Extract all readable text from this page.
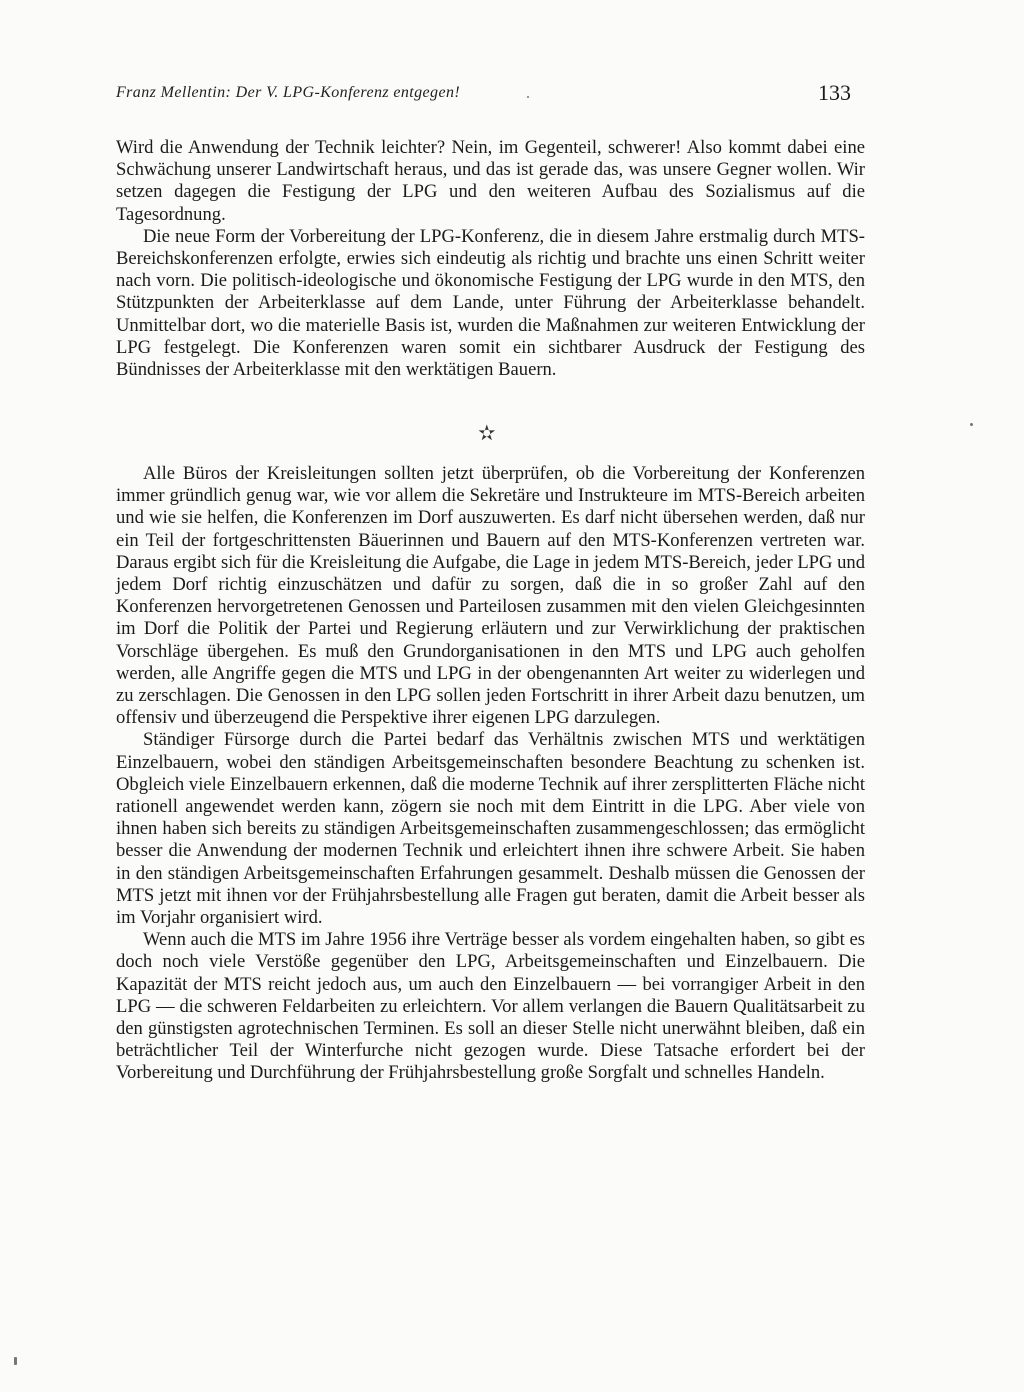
Franz Mellentin: Der V. LPG-Konferenz entgegen!	133

Wird die Anwendung der Technik leichter? Nein, im Gegenteil, schwerer! Also kommt dabei eine Schwächung unserer Landwirtschaft heraus, und das ist gerade das, was unsere Gegner wollen. Wir setzen dagegen die Festigung der LPG und den weiteren Aufbau des Sozialismus auf die Tagesordnung.

Die neue Form der Vorbereitung der LPG-Konferenz, die in diesem Jahre erstmalig durch MTS-Bereichskonferenzen erfolgte, erwies sich eindeutig als richtig und brachte uns einen Schritt weiter nach vorn. Die politisch-ideologische und ökonomische Festigung der LPG wurde in den MTS, den Stützpunkten der Arbeiterklasse auf dem Lande, unter Führung der Arbeiterklasse behandelt. Unmittelbar dort, wo die materielle Basis ist, wurden die Maßnahmen zur weiteren Entwicklung der LPG festgelegt. Die Konferenzen waren somit ein sichtbarer Ausdruck der Festigung des Bündnisses der Arbeiterklasse mit den werktätigen Bauern.

✫

Alle Büros der Kreisleitungen sollten jetzt überprüfen, ob die Vorbereitung der Konferenzen immer gründlich genug war, wie vor allem die Sekretäre und Instrukteure im MTS-Bereich arbeiten und wie sie helfen, die Konferenzen im Dorf auszuwerten. Es darf nicht übersehen werden, daß nur ein Teil der fortgeschrittensten Bäuerinnen und Bauern auf den MTS-Konferenzen vertreten war. Daraus ergibt sich für die Kreisleitung die Aufgabe, die Lage in jedem MTS-Bereich, jeder LPG und jedem Dorf richtig einzuschätzen und dafür zu sorgen, daß die in so großer Zahl auf den Konferenzen hervorgetretenen Genossen und Parteilosen zusammen mit den vielen Gleichgesinnten im Dorf die Politik der Partei und Regierung erläutern und zur Verwirklichung der praktischen Vorschläge übergehen. Es muß den Grundorganisationen in den MTS und LPG auch geholfen werden, alle Angriffe gegen die MTS und LPG in der obengenannten Art weiter zu widerlegen und zu zerschlagen. Die Genossen in den LPG sollen jeden Fortschritt in ihrer Arbeit dazu benutzen, um offensiv und überzeugend die Perspektive ihrer eigenen LPG darzulegen.

Ständiger Fürsorge durch die Partei bedarf das Verhältnis zwischen MTS und werktätigen Einzelbauern, wobei den ständigen Arbeitsgemeinschaften besondere Beachtung zu schenken ist. Obgleich viele Einzelbauern erkennen, daß die moderne Technik auf ihrer zersplitterten Fläche nicht rationell angewendet werden kann, zögern sie noch mit dem Eintritt in die LPG. Aber viele von ihnen haben sich bereits zu ständigen Arbeitsgemeinschaften zusammengeschlossen; das ermöglicht besser die Anwendung der modernen Technik und erleichtert ihnen ihre schwere Arbeit. Sie haben in den ständigen Arbeitsgemeinschaften Erfahrungen gesammelt. Deshalb müssen die Genossen der MTS jetzt mit ihnen vor der Frühjahrsbestellung alle Fragen gut beraten, damit die Arbeit besser als im Vorjahr organisiert wird.

Wenn auch die MTS im Jahre 1956 ihre Verträge besser als vordem eingehalten haben, so gibt es doch noch viele Verstöße gegenüber den LPG, Arbeitsgemeinschaften und Einzelbauern. Die Kapazität der MTS reicht jedoch aus, um auch den Einzelbauern — bei vorrangiger Arbeit in den LPG — die schweren Feldarbeiten zu erleichtern. Vor allem verlangen die Bauern Qualitätsarbeit zu den günstigsten agrotechnischen Terminen. Es soll an dieser Stelle nicht unerwähnt bleiben, daß ein beträchtlicher Teil der Winterfurche nicht gezogen wurde. Diese Tatsache erfordert bei der Vorbereitung und Durchführung der Frühjahrsbestellung große Sorgfalt und schnelles Handeln.
